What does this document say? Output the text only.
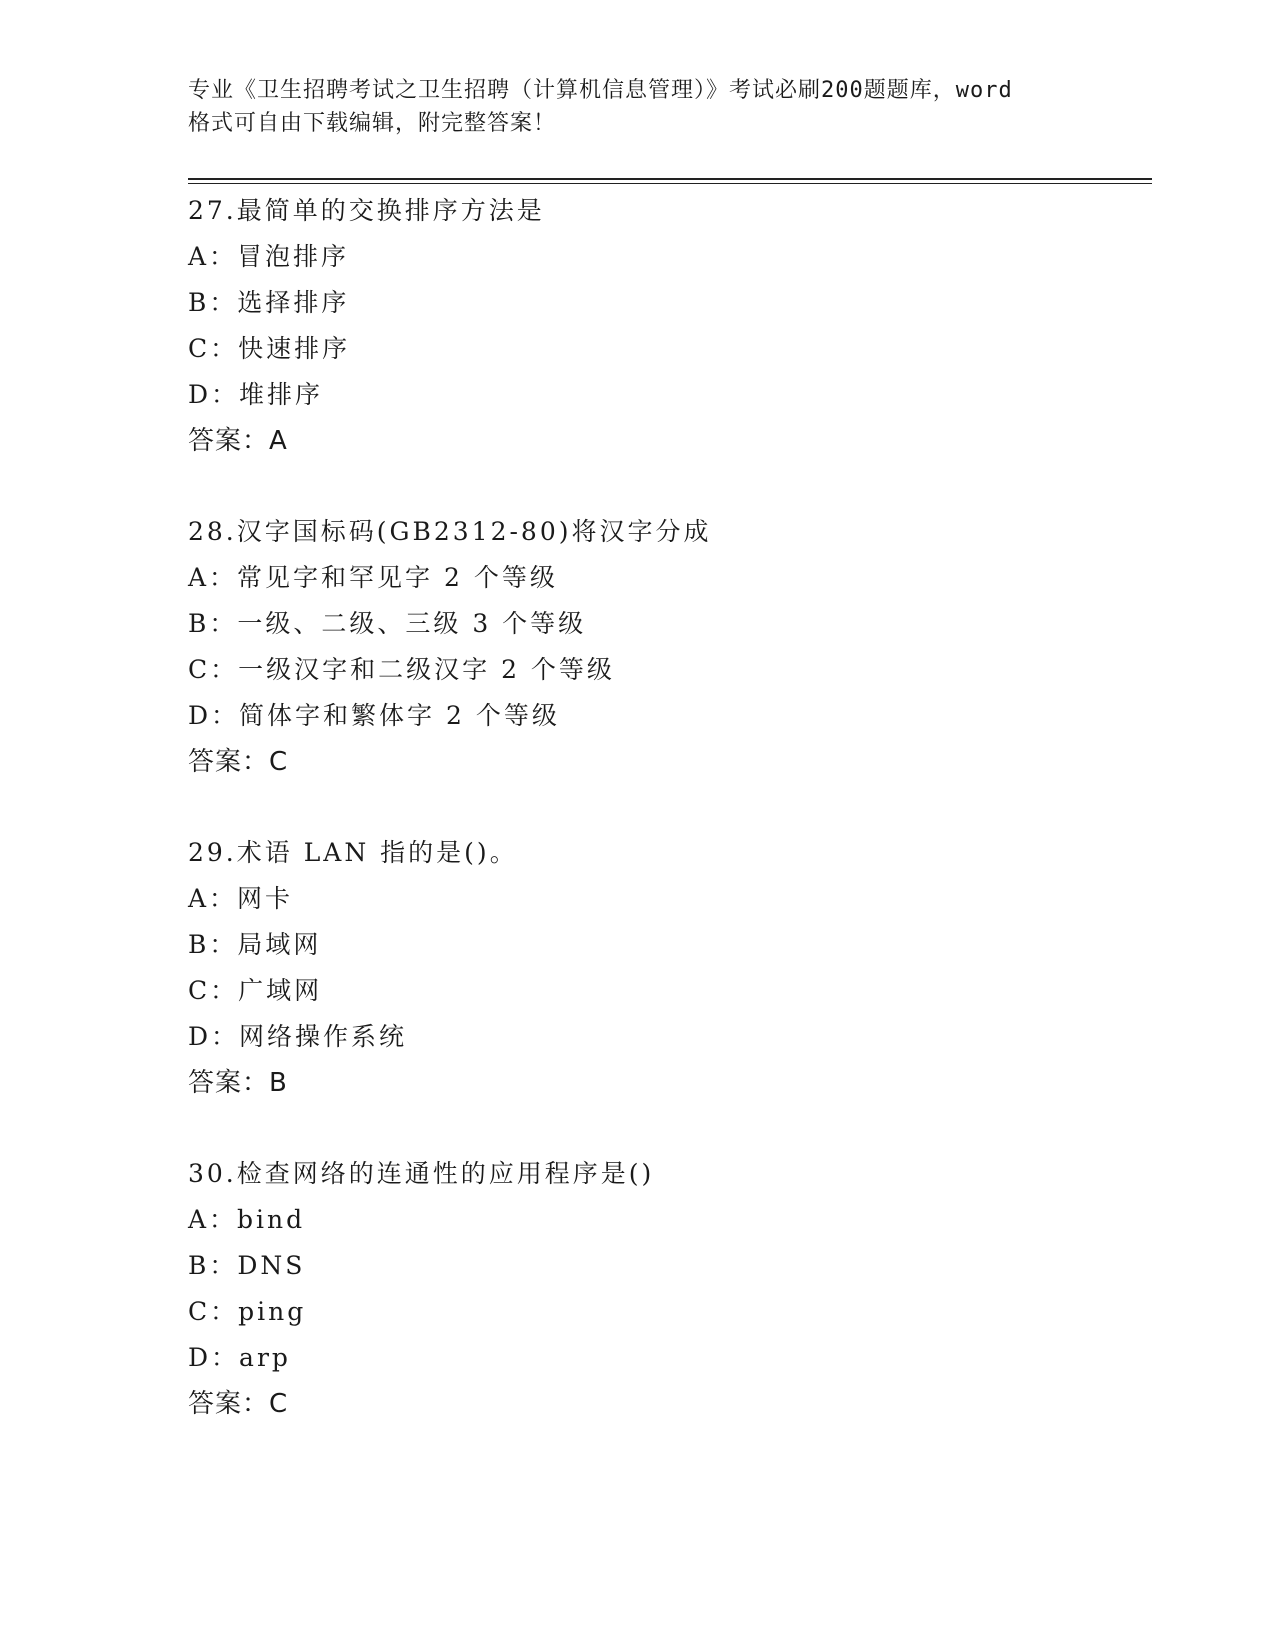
专业《卫生招聘考试之卫生招聘（计算机信息管理）》考试必刷200题题库，word
格式可自由下载编辑，附完整答案！
27.最简单的交换排序方法是
A：冒泡排序
B：选择排序
C：快速排序
D：堆排序
答案：A
28.汉字国标码(GB2312-80)将汉字分成
A：常见字和罕见字 2 个等级
B：一级、二级、三级 3 个等级
C：一级汉字和二级汉字 2 个等级
D：简体字和繁体字 2 个等级
答案：C
29.术语 LAN 指的是()。
A：网卡
B：局域网
C：广域网
D：网络操作系统
答案：B
30.检查网络的连通性的应用程序是()
A：bind
B：DNS
C：ping
D：arp
答案：C
